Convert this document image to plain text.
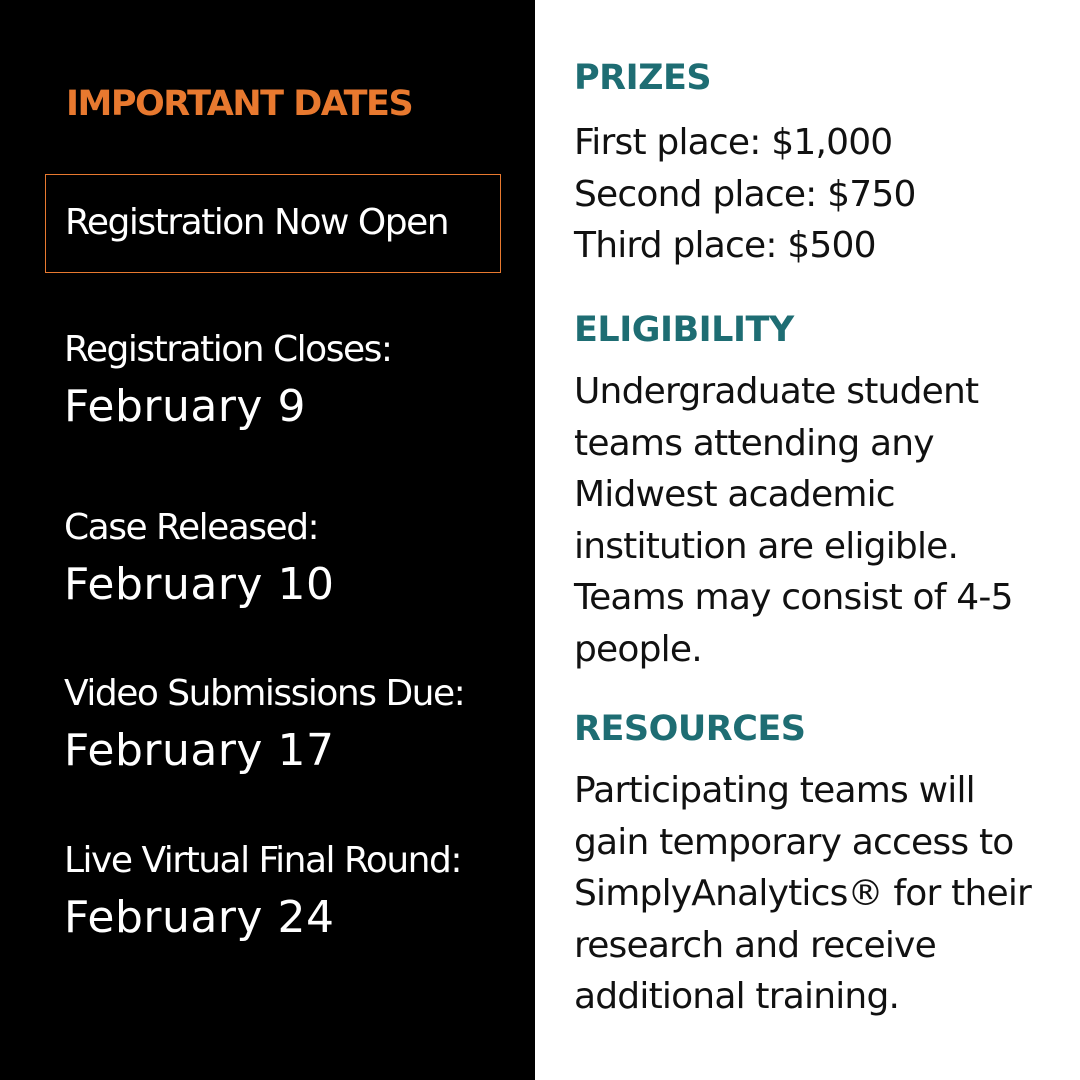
IMPORTANT DATES
Registration Now Open
Registration Closes:
February 9
Case Released:
February 10
Video Submissions Due:
February 17
Live Virtual Final Round:
February 24
PRIZES
First place: $1,000
Second place: $750
Third place: $500
ELIGIBILITY
Undergraduate student
teams attending any
Midwest academic
institution are eligible.
Teams may consist of 4-5
people.
RESOURCES
Participating teams will
gain temporary access to
SimplyAnalytics® for their
research and receive
additional training.
